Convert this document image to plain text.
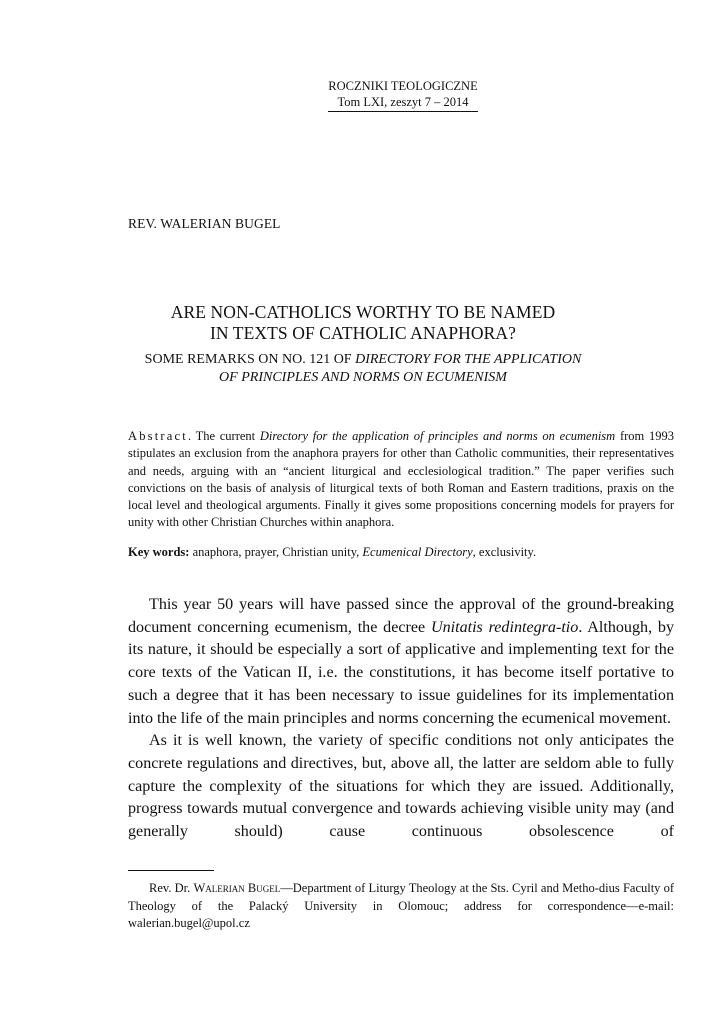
ROCZNIKI TEOLOGICZNE
Tom LXI, zeszyt 7 – 2014
REV. WALERIAN BUGEL
ARE NON-CATHOLICS WORTHY TO BE NAMED
IN TEXTS OF CATHOLIC ANAPHORA?
SOME REMARKS ON NO. 121 OF DIRECTORY FOR THE APPLICATION
OF PRINCIPLES AND NORMS ON ECUMENISM
Abstract. The current Directory for the application of principles and norms on ecumenism from 1993 stipulates an exclusion from the anaphora prayers for other than Catholic communities, their representatives and needs, arguing with an “ancient liturgical and ecclesiological tradition.” The paper verifies such convictions on the basis of analysis of liturgical texts of both Roman and Eastern traditions, praxis on the local level and theological arguments. Finally it gives some propositions concerning models for prayers for unity with other Christian Churches within anaphora.
Key words: anaphora, prayer, Christian unity, Ecumenical Directory, exclusivity.

This year 50 years will have passed since the approval of the ground-breaking document concerning ecumenism, the decree Unitatis redintegra-tio. Although, by its nature, it should be especially a sort of applicative and implementing text for the core texts of the Vatican II, i.e. the constitutions, it has become itself portative to such a degree that it has been necessary to issue guidelines for its implementation into the life of the main principles and norms concerning the ecumenical movement.

As it is well known, the variety of specific conditions not only anticipates the concrete regulations and directives, but, above all, the latter are seldom able to fully capture the complexity of the situations for which they are issued. Additionally, progress towards mutual convergence and towards achieving visible unity may (and generally should) cause continuous obsolescence of

Rev. Dr. Walerian Bugel—Department of Liturgy Theology at the Sts. Cyril and Metho-dius Faculty of Theology of the Palacký University in Olomouc; address for correspondence—e-mail: walerian.bugel@upol.cz
